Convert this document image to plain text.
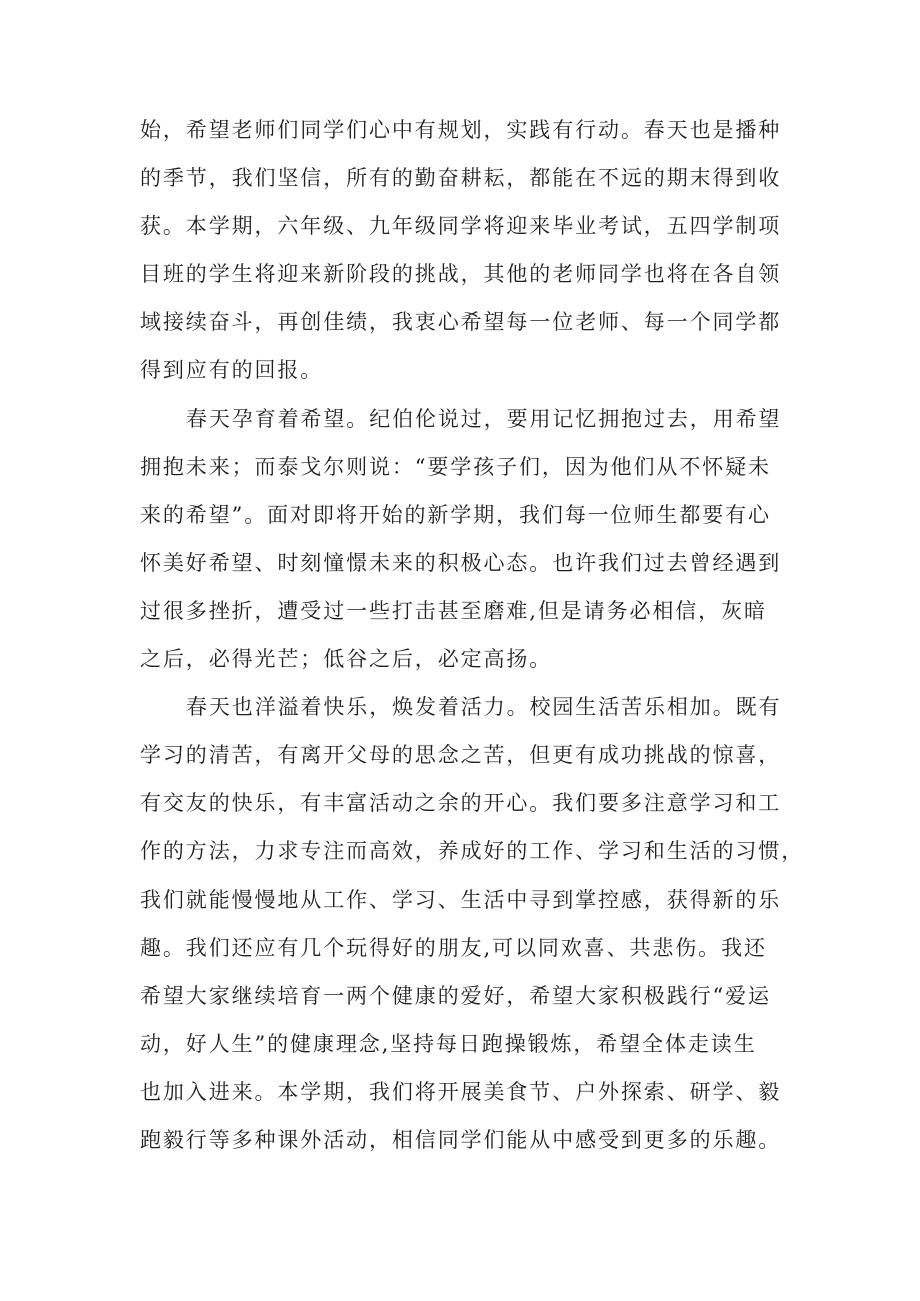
始，希望老师们同学们心中有规划，实践有行动。春天也是播种
的季节，我们坚信，所有的勤奋耕耘，都能在不远的期末得到收
获。本学期，六年级、九年级同学将迎来毕业考试，五四学制项
目班的学生将迎来新阶段的挑战，其他的老师同学也将在各自领
域接续奋斗，再创佳绩，我衷心希望每一位老师、每一个同学都
得到应有的回报。
春天孕育着希望。纪伯伦说过，要用记忆拥抱过去，用希望
拥抱未来；而泰戈尔则说：“要学孩子们，因为他们从不怀疑未
来的希望”。面对即将开始的新学期，我们每一位师生都要有心
怀美好希望、时刻憧憬未来的积极心态。也许我们过去曾经遇到
过很多挫折，遭受过一些打击甚至磨难,但是请务必相信，灰暗
之后，必得光芒；低谷之后，必定高扬。
春天也洋溢着快乐，焕发着活力。校园生活苦乐相加。既有
学习的清苦，有离开父母的思念之苦，但更有成功挑战的惊喜，
有交友的快乐，有丰富活动之余的开心。我们要多注意学习和工
作的方法，力求专注而高效，养成好的工作、学习和生活的习惯，
我们就能慢慢地从工作、学习、生活中寻到掌控感，获得新的乐
趣。我们还应有几个玩得好的朋友,可以同欢喜、共悲伤。我还
希望大家继续培育一两个健康的爱好，希望大家积极践行“爱运
动，好人生”的健康理念,坚持每日跑操锻炼，希望全体走读生
也加入进来。本学期，我们将开展美食节、户外探索、研学、毅
跑毅行等多种课外活动，相信同学们能从中感受到更多的乐趣。
